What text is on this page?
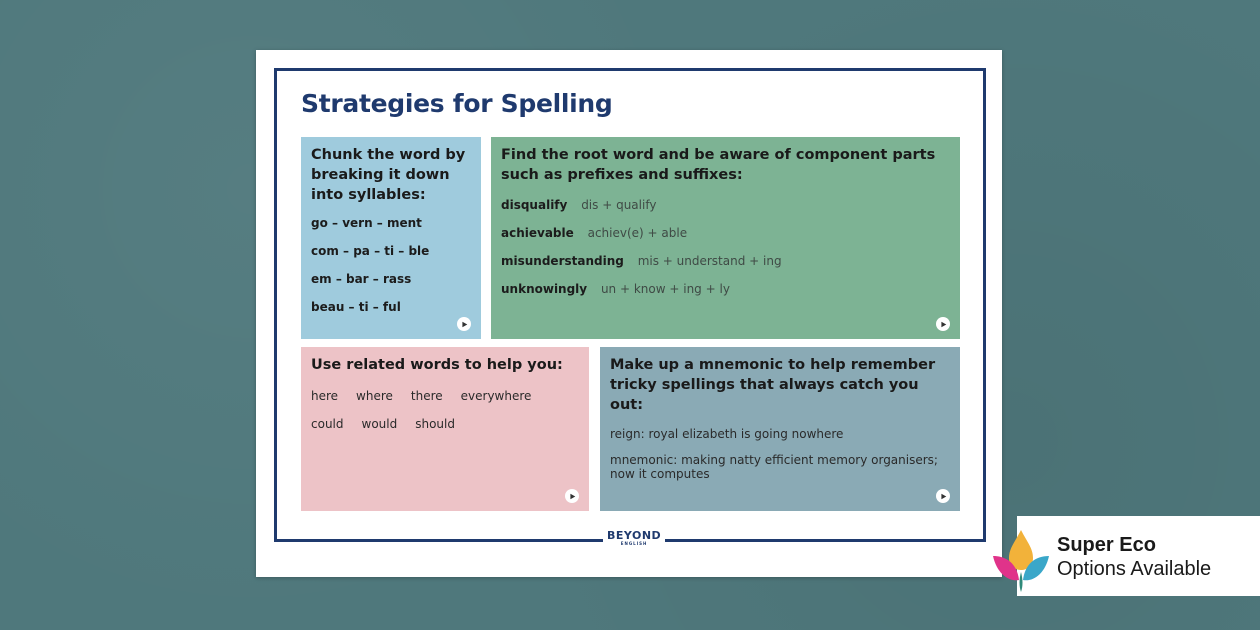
Strategies for Spelling
Chunk the word by breaking it down into syllables:
go – vern – ment
com – pa – ti – ble
em – bar – rass
beau – ti – ful
Find the root word and be aware of component parts such as prefixes and suffixes:
disqualify dis + qualify
achievable achiev(e) + able
misunderstanding mis + understand + ing
unknowingly un + know + ing + ly
Use related words to help you:
here where there everywhere
could would should
Make up a mnemonic to help remember tricky spellings that always catch you out:
reign: royal elizabeth is going nowhere
mnemonic: making natty efficient memory organisers; now it computes
BEYOND
ENGLISH	Super Eco
Options Available
